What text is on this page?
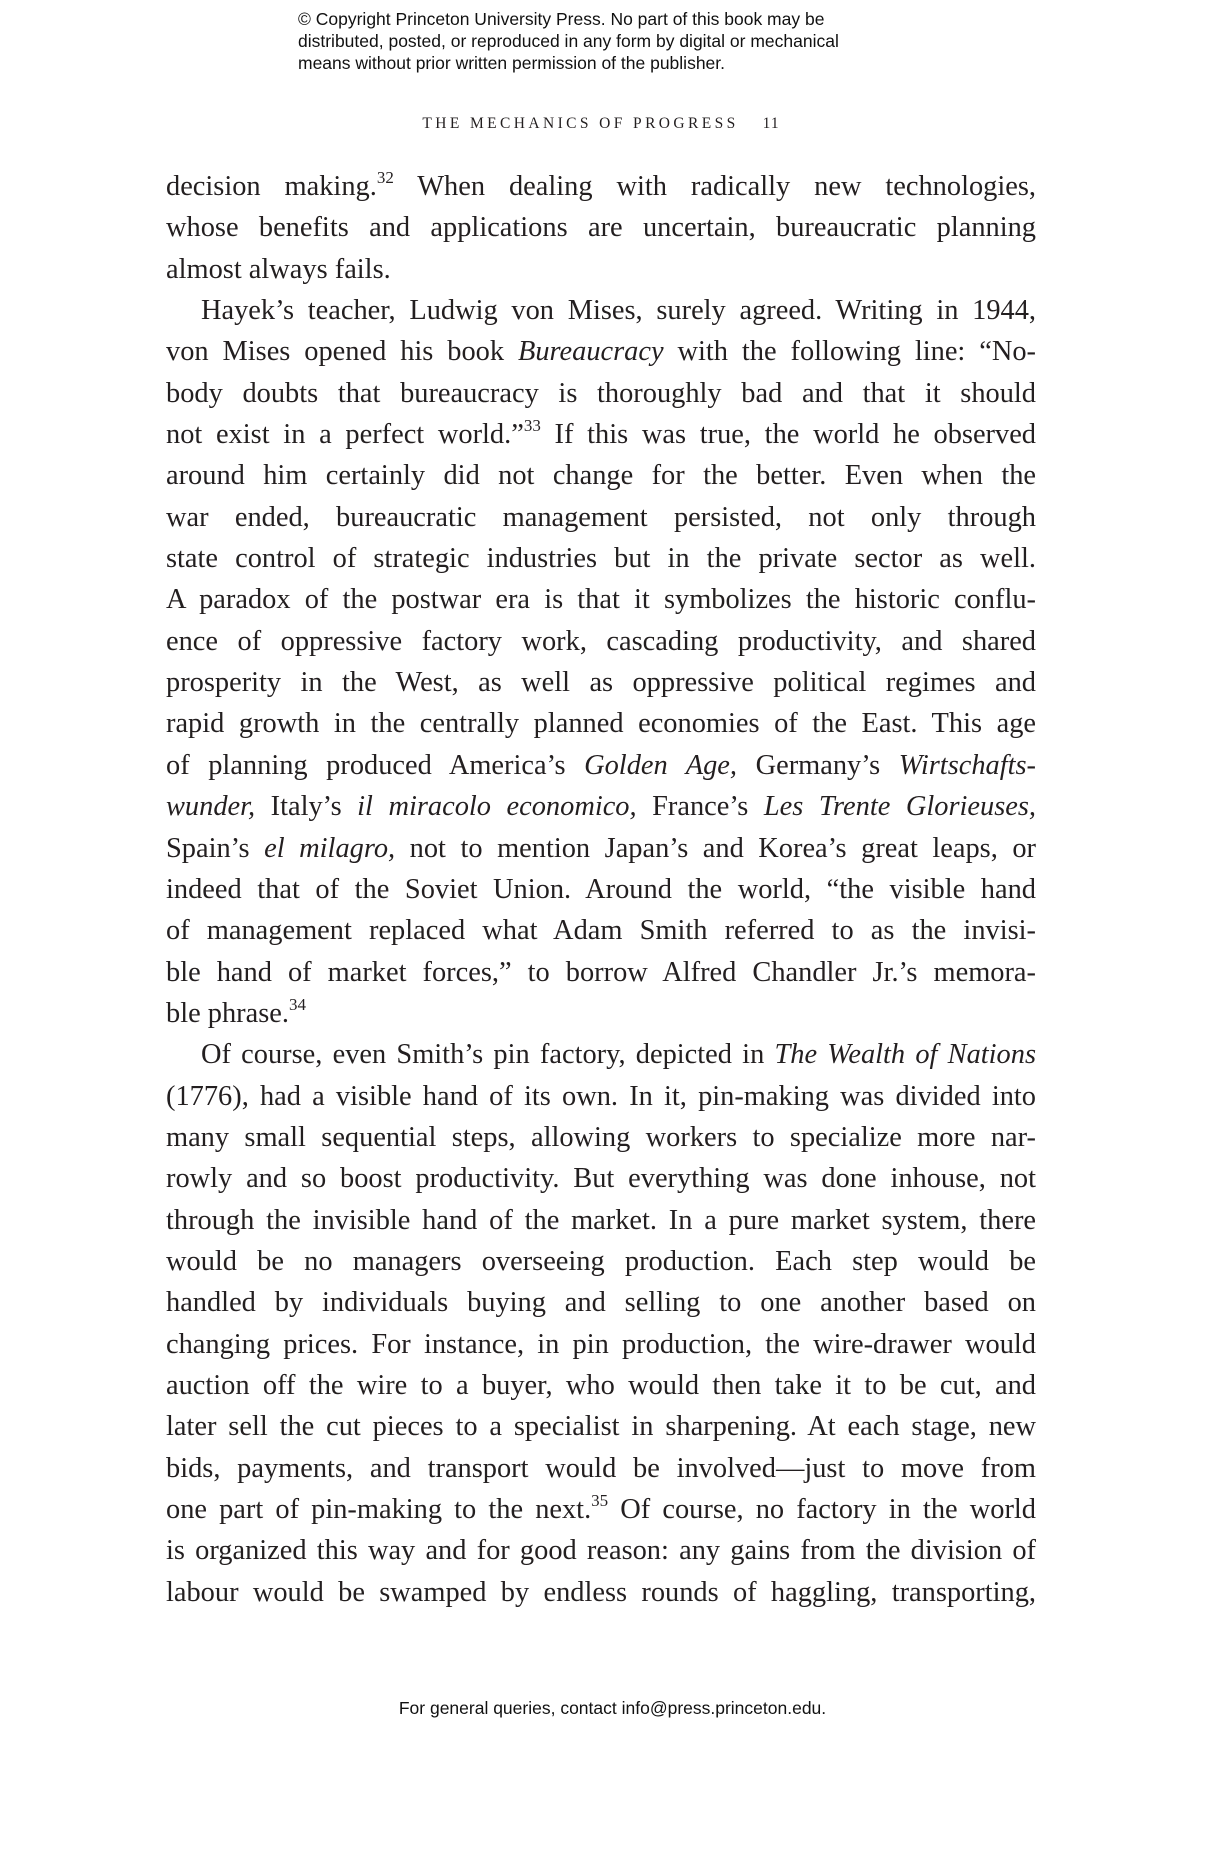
© Copyright Princeton University Press. No part of this book may be
distributed, posted, or reproduced in any form by digital or mechanical
means without prior written permission of the publisher.
THE MECHANICS OF PROGRESS 11
decision making.$^{32}$ When dealing with radically new technologies,
whose benefits and applications are uncertain, bureaucratic planning
almost always fails.
Hayek’s teacher, Ludwig von Mises, surely agreed. Writing in 1944,
von Mises opened his book Bureaucracy with the following line: “No-
body doubts that bureaucracy is thoroughly bad and that it should
not exist in a perfect world.”$^{33}$ If this was true, the world he observed
around him certainly did not change for the better. Even when the
war ended, bureaucratic management persisted, not only through
state control of strategic industries but in the private sector as well.
A paradox of the postwar era is that it symbolizes the historic conflu-
ence of oppressive factory work, cascading productivity, and shared
prosperity in the West, as well as oppressive political regimes and
rapid growth in the centrally planned economies of the East. This age
of planning produced America’s Golden Age, Germany’s Wirtschafts-
wunder, Italy’s il miracolo economico, France’s Les Trente Glorieuses,
Spain’s el milagro, not to mention Japan’s and Korea’s great leaps, or
indeed that of the Soviet Union. Around the world, “the visible hand
of management replaced what Adam Smith referred to as the invisi-
ble hand of market forces,” to borrow Alfred Chandler Jr.’s memora-
ble phrase.$^{34}$
Of course, even Smith’s pin factory, depicted in The Wealth of Nations
(1776), had a visible hand of its own. In it, pin-making was divided into
many small sequential steps, allowing workers to specialize more nar-
rowly and so boost productivity. But everything was done inhouse, not
through the invisible hand of the market. In a pure market system, there
would be no managers overseeing production. Each step would be
handled by individuals buying and selling to one another based on
changing prices. For instance, in pin production, the wire-drawer would
auction off the wire to a buyer, who would then take it to be cut, and
later sell the cut pieces to a specialist in sharpening. At each stage, new
bids, payments, and transport would be involved—just to move from
one part of pin-making to the next.$^{35}$ Of course, no factory in the world
is organized this way and for good reason: any gains from the division of
labour would be swamped by endless rounds of haggling, transporting,
For general queries, contact info@press.princeton.edu.
